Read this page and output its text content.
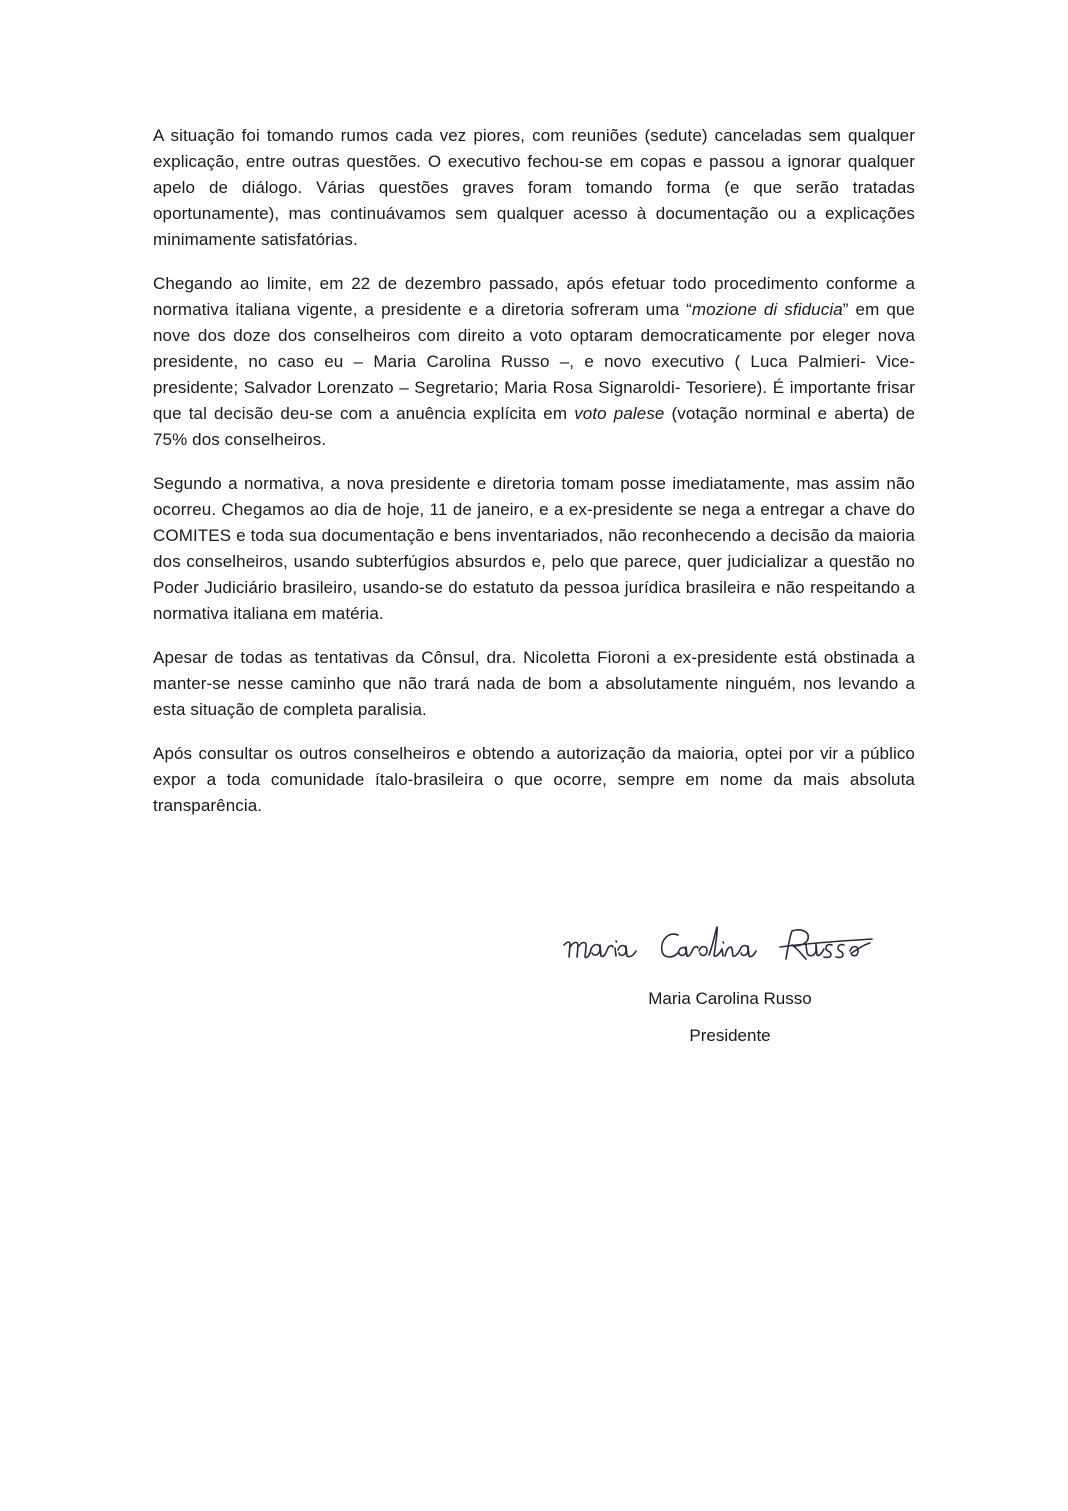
A situação foi tomando rumos cada vez piores, com reuniões (sedute) canceladas sem qualquer explicação, entre outras questões. O executivo fechou-se em copas e passou a ignorar qualquer apelo de diálogo. Várias questões graves foram tomando forma (e que serão tratadas oportunamente), mas continuávamos sem qualquer acesso à documentação ou a explicações minimamente satisfatórias.

Chegando ao limite, em 22 de dezembro passado, após efetuar todo procedimento conforme a normativa italiana vigente, a presidente e a diretoria sofreram uma “mozione di sfiducia” em que nove dos doze dos conselheiros com direito a voto optaram democraticamente por eleger nova presidente, no caso eu – Maria Carolina Russo –, e novo executivo ( Luca Palmieri- Vice-presidente; Salvador Lorenzato – Segretario; Maria Rosa Signaroldi- Tesoriere). É importante frisar que tal decisão deu-se com a anuência explícita em voto palese (votação norminal e aberta) de 75% dos conselheiros.

Segundo a normativa, a nova presidente e diretoria tomam posse imediatamente, mas assim não ocorreu. Chegamos ao dia de hoje, 11 de janeiro, e a ex-presidente se nega a entregar a chave do COMITES e toda sua documentação e bens inventariados, não reconhecendo a decisão da maioria dos conselheiros, usando subterfúgios absurdos e, pelo que parece, quer judicializar a questão no Poder Judiciário brasileiro, usando-se do estatuto da pessoa jurídica brasileira e não respeitando a normativa italiana em matéria.

Apesar de todas as tentativas da Cônsul, dra. Nicoletta Fioroni a ex-presidente está obstinada a manter-se nesse caminho que não trará nada de bom a absolutamente ninguém, nos levando a esta situação de completa paralisia.

Após consultar os outros conselheiros e obtendo a autorização da maioria, optei por vir a público expor a toda comunidade ítalo-brasileira o que ocorre, sempre em nome da mais absoluta transparência.

Maria Carolina Russo
Presidente
